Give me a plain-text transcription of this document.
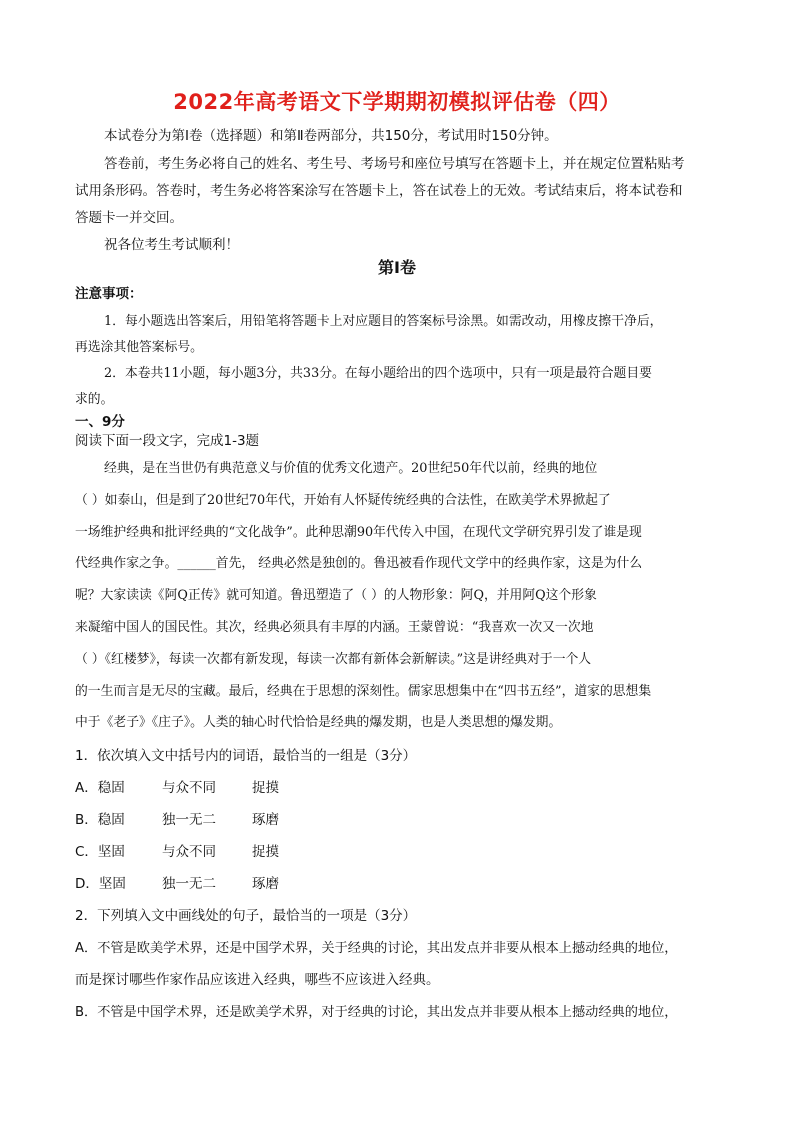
2022年高考语文下学期期初模拟评估卷（四）
本试卷分为第Ⅰ卷（选择题）和第Ⅱ卷两部分，共150分，考试用时150分钟。
答卷前，考生务必将自己的姓名、考生号、考场号和座位号填写在答题卡上，并在规定位置粘贴考
试用条形码。答卷时，考生务必将答案涂写在答题卡上，答在试卷上的无效。考试结束后，将本试卷和
答题卡一并交回。
祝各位考生考试顺利！
第Ⅰ卷
注意事项：
1．每小题选出答案后，用铅笔将答题卡上对应题目的答案标号涂黑。如需改动，用橡皮擦干净后，
再选涂其他答案标号。
2．本卷共11小题，每小题3分，共33分。在每小题给出的四个选项中，只有一项是最符合题目要
求的。
一、9分
阅读下面一段文字，完成1-3题
经典，是在当世仍有典范意义与价值的优秀文化遗产。20世纪50年代以前，经典的地位
（ ）如泰山，但是到了20世纪70年代，开始有人怀疑传统经典的合法性，在欧美学术界掀起了
一场维护经典和批评经典的“文化战争”。此种思潮90年代传入中国，在现代文学研究界引发了谁是现
代经典作家之争。______首先， 经典必然是独创的。鲁迅被看作现代文学中的经典作家，这是为什么
呢？大家读读《阿Q正传》就可知道。鲁迅塑造了（ ）的人物形象：阿Q，并用阿Q这个形象
来凝缩中国人的国民性。其次，经典必须具有丰厚的内涵。王蒙曾说：“我喜欢一次又一次地
（ ）《红楼梦》，每读一次都有新发现，每读一次都有新体会新解读。”这是讲经典对于一个人
的一生而言是无尽的宝藏。最后，经典在于思想的深刻性。儒家思想集中在“四书五经”，道家的思想集
中于《老子》《庄子》。人类的轴心时代恰恰是经典的爆发期，也是人类思想的爆发期。
1．依次填入文中括号内的词语，最恰当的一组是（3分）
A．稳固	与众不同	捉摸
B．稳固	独一无二	琢磨
C．坚固	与众不同	捉摸
D．坚固	独一无二	琢磨
2．下列填入文中画线处的句子，最恰当的一项是（3分）
A．不管是欧美学术界，还是中国学术界，关于经典的讨论，其出发点并非要从根本上撼动经典的地位，
而是探讨哪些作家作品应该进入经典，哪些不应该进入经典。
B．不管是中国学术界，还是欧美学术界，对于经典的讨论，其出发点并非要从根本上撼动经典的地位，
